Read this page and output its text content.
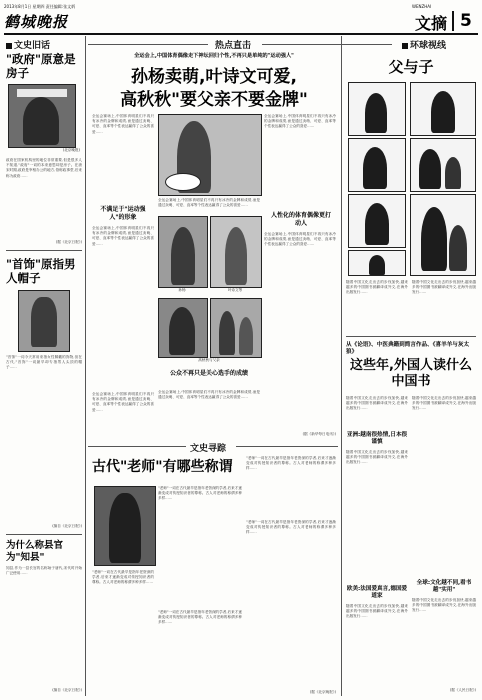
2013年8月1日 星期四 责任编辑:张文炳	WENZHAI
鹤城晚报	文摘 5
文史旧话	热点直击	环球视线
"政府"原意是房子
(北京晚报)
政府在国家机构里的地位非常重要,但是很多人不知道,"政府"一词的本来意思却是房子。在唐宋时期,政府是宰相办公的地方,俗称政事堂,后来称为政府……
(据《北京日报》)
"首饰"原指男人帽子
"首饰"一词今天常用来指女性佩戴的饰物,但在古代,"首饰"一词最早却专指男人头顶的帽子……
(摘自《北京日报》)
为什么称县官为"知县"
知县,作为一县长官的名称始于唐代,宋代时开始广泛使用……
(摘自《北京日报》)
全运会上,中国体育偶像走下神坛回归个性,不再只是单纯的"运动强人"
孙杨卖萌,叶诗文可爱,
高秋秋"要父亲不要金牌"
全运会赛场上,中国体育明星们不再只有冰冷的金牌和成绩,而是通过卖萌、可爱、直率等个性表达赢得了公众的喜爱……
全运会赛场上,中国体育明星们不再只有冰冷的金牌和成绩,而是通过卖萌、可爱、直率等个性表达赢得了公众的喜爱……
不满足于"运动强人"的形象
全运会赛场上,中国体育明星们不再只有冰冷的金牌和成绩,而是通过卖萌、可爱、直率等个性表达赢得了公众的喜爱……
全运会赛场上,中国体育明星们不再只有冰冷的金牌和成绩,而是通过卖萌、可爱、直率等个性表达赢得了公众的喜爱……
人性化的体育偶像更打动人
全运会赛场上,中国体育明星们不再只有冰冷的金牌和成绩,而是通过卖萌、可爱、直率等个性表达赢得了公众的喜爱……
孙杨	叶诗文等
高秋秋与父亲
公众不再只是关心选手的成绩
全运会赛场上,中国体育明星们不再只有冰冷的金牌和成绩,而是通过卖萌、可爱、直率等个性表达赢得了公众的喜爱……
全运会赛场上,中国体育明星们不再只有冰冷的金牌和成绩,而是通过卖萌、可爱、直率等个性表达赢得了公众的喜爱……
(据《新华每日电讯》)
文史寻踪
古代"老师"有哪些称谓
"老师"一词在古代最早是指年老资深的学者,后来才逐渐变成对传授知识者的尊称。古人对老师的称谓多种多样……
"老师"一词在古代最早是指年老资深的学者,后来才逐渐变成对传授知识者的尊称。古人对老师的称谓多种多样……
"老师"一词在古代最早是指年老资深的学者,后来才逐渐变成对传授知识者的尊称。古人对老师的称谓多种多样……
"老师"一词在古代最早是指年老资深的学者,后来才逐渐变成对传授知识者的尊称。古人对老师的称谓多种多样……
"老师"一词在古代最早是指年老资深的学者,后来才逐渐变成对传授知识者的尊称。古人对老师的称谓多种多样……
(据《北京晚报》)
父与子
随着中国文化走出去的步伐加快,越来越多的中国图书被翻译成外文,在海外出版发行……
随着中国文化走出去的步伐加快,越来越多的中国图书被翻译成外文,在海外出版发行……
从《论语》、中医典籍到简言作品、《喜羊羊与灰太狼》
这些年,外国人读什么中国书
随着中国文化走出去的步伐加快,越来越多的中国图书被翻译成外文,在海外出版发行……
亚洲:越南很热情,日本很谨慎
随着中国文化走出去的步伐加快,越来越多的中国图书被翻译成外文,在海外出版发行……
欧美:法国爱真言,德国爱道家
随着中国文化走出去的步伐加快,越来越多的中国图书被翻译成外文,在海外出版发行……
随着中国文化走出去的步伐加快,越来越多的中国图书被翻译成外文,在海外出版发行……
全球:文化越不同,看书越"实用"
随着中国文化走出去的步伐加快,越来越多的中国图书被翻译成外文,在海外出版发行……
(据《人民日报》)
